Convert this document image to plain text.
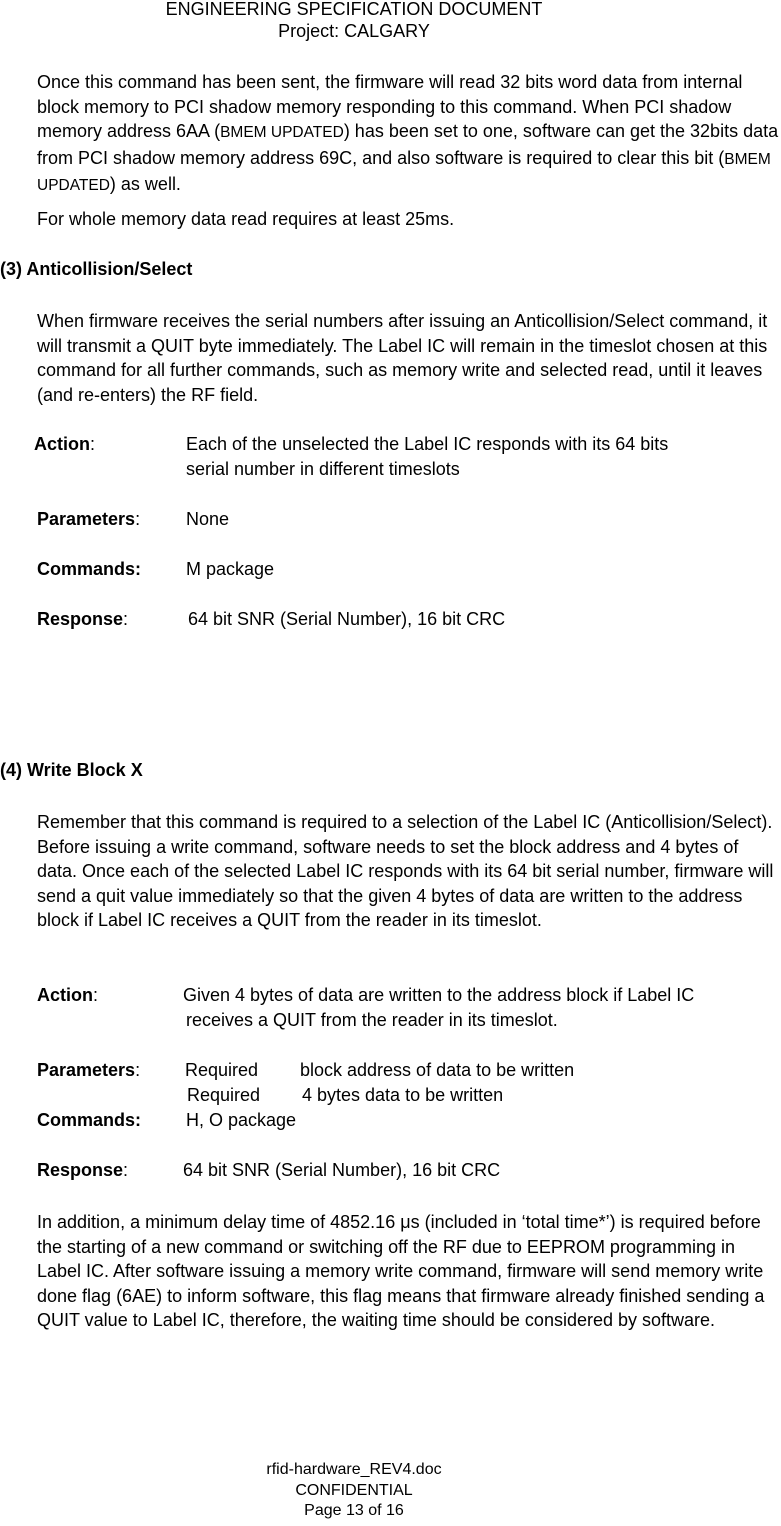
ENGINEERING SPECIFICATION DOCUMENT
Project: CALGARY
Once this command has been sent, the firmware will read 32 bits word data from internal block memory to PCI shadow memory responding to this command. When PCI shadow memory address 6AA (BMEM UPDATED) has been set to one, software can get the 32bits data from PCI shadow memory address 69C, and also software is required to clear this bit (BMEM UPDATED) as well.
For whole memory data read requires at least 25ms.
(3) Anticollision/Select
When firmware receives the serial numbers after issuing an Anticollision/Select command, it will transmit a QUIT byte immediately. The Label IC will remain in the timeslot chosen at this command for all further commands, such as memory write and selected read, until it leaves (and re-enters) the RF field.
Action:	Each of the unselected the Label IC responds with its 64 bits
serial number in different timeslots
Parameters:	None
Commands: M package
Response:	64 bit SNR (Serial Number), 16 bit CRC
(4) Write Block X
Remember that this command is required to a selection of the Label IC (Anticollision/Select). Before issuing a write command, software needs to set the block address and 4 bytes of data. Once each of the selected Label IC responds with its 64 bit serial number, firmware will send a quit value immediately so that the given 4 bytes of data are written to the address block if Label IC receives a QUIT from the reader in its timeslot.
Action:	Given 4 bytes of data are written to the address block if Label IC
receives a QUIT from the reader in its timeslot.
Parameters: Required block address of data to be written
Required 4 bytes data to be written
Commands: H, O package
Response:	64 bit SNR (Serial Number), 16 bit CRC
In addition, a minimum delay time of 4852.16 μs (included in ‘total time*’) is required before the starting of a new command or switching off the RF due to EEPROM programming in Label IC. After software issuing a memory write command, firmware will send memory write done flag (6AE) to inform software, this flag means that firmware already finished sending a QUIT value to Label IC, therefore, the waiting time should be considered by software.
rfid-hardware_REV4.doc
CONFIDENTIAL
Page 13 of 16
